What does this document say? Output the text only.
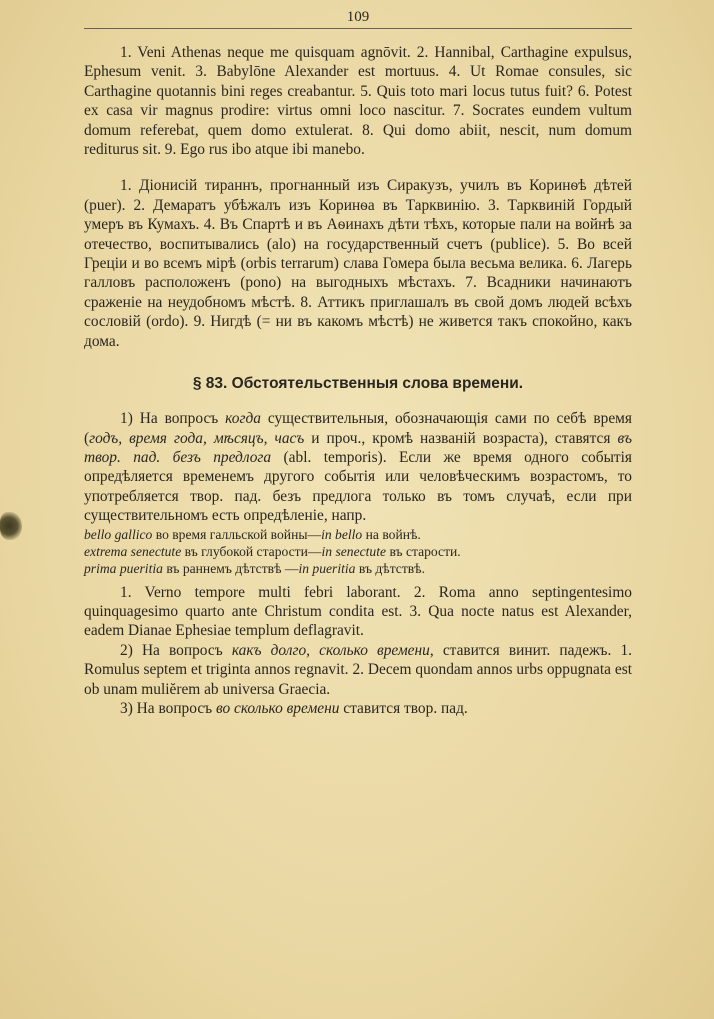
109

1. Veni Athenas neque me quisquam agnōvit. 2. Hannibal, Carthagine expulsus, Ephesum venit. 3. Babylōne Alexander est mortuus. 4. Ut Romae consules, sic Carthagine quotannis bini reges creabantur. 5. Quis toto mari locus tutus fuit? 6. Potest ex casa vir magnus prodire: virtus omni loco nascitur. 7. Socrates eundem vultum domum referebat, quem domo extulerat. 8. Qui domo abiit, nescit, num domum rediturus sit. 9. Ego rus ibo atque ibi manebo.

1. Діонисій тираннъ, прогнанный изъ Сиракузъ, училъ въ Коринѳѣ дѣтей (puer). 2. Демаратъ убѣжалъ изъ Коринѳа въ Тарквинію. 3. Тарквиній Гордый умеръ въ Кумахъ. 4. Въ Спартѣ и въ Аѳинахъ дѣти тѣхъ, которые пали на войнѣ за отечество, воспитывались (alo) на государственный счетъ (publice). 5. Во всей Греціи и во всемъ мірѣ (orbis terrarum) слава Гомера была весьма велика. 6. Лагерь галловъ расположенъ (pono) на выгодныхъ мѣстахъ. 7. Всадники начинаютъ сраженіе на неудобномъ мѣстѣ. 8. Аттикъ приглашалъ въ свой домъ людей всѣхъ сословій (ordo). 9. Нигдѣ (= ни въ какомъ мѣстѣ) не живется такъ спокойно, какъ дома.

§ 83. Обстоятельственныя слова времени.

1) На вопросъ когда существительныя, обозначающія сами по себѣ время (годъ, время года, мѣсяцъ, часъ и проч., кромѣ названій возраста), ставятся въ твор. пад. безъ предлога (abl. temporis). Если же время одного событія опредѣляется временемъ другого событія или человѣческимъ возрастомъ, то употребляется твор. пад. безъ предлога только въ томъ случаѣ, если при существительномъ есть опредѣленіе, напр.

bello gallico во время галльской войны—in bello на войнѣ.

extrema senectute въ глубокой старости—in senectute въ старости.

prima pueritia въ раннемъ дѣтствѣ —in pueritia въ дѣтствѣ.

1. Verno tempore multi febri laborant. 2. Roma anno septingentesimo quinquagesimo quarto ante Christum condita est. 3. Qua nocte natus est Alexander, eadem Dianae Ephesiae templum deflagravit.

2) На вопросъ какъ долго, сколько времени, ставится винит. падежъ. 1. Romulus septem et triginta annos regnavit. 2. Decem quondam annos urbs oppugnata est ob unam muliĕrem ab universa Graecia.

3) На вопросъ во сколько времени ставится твор. пад.
